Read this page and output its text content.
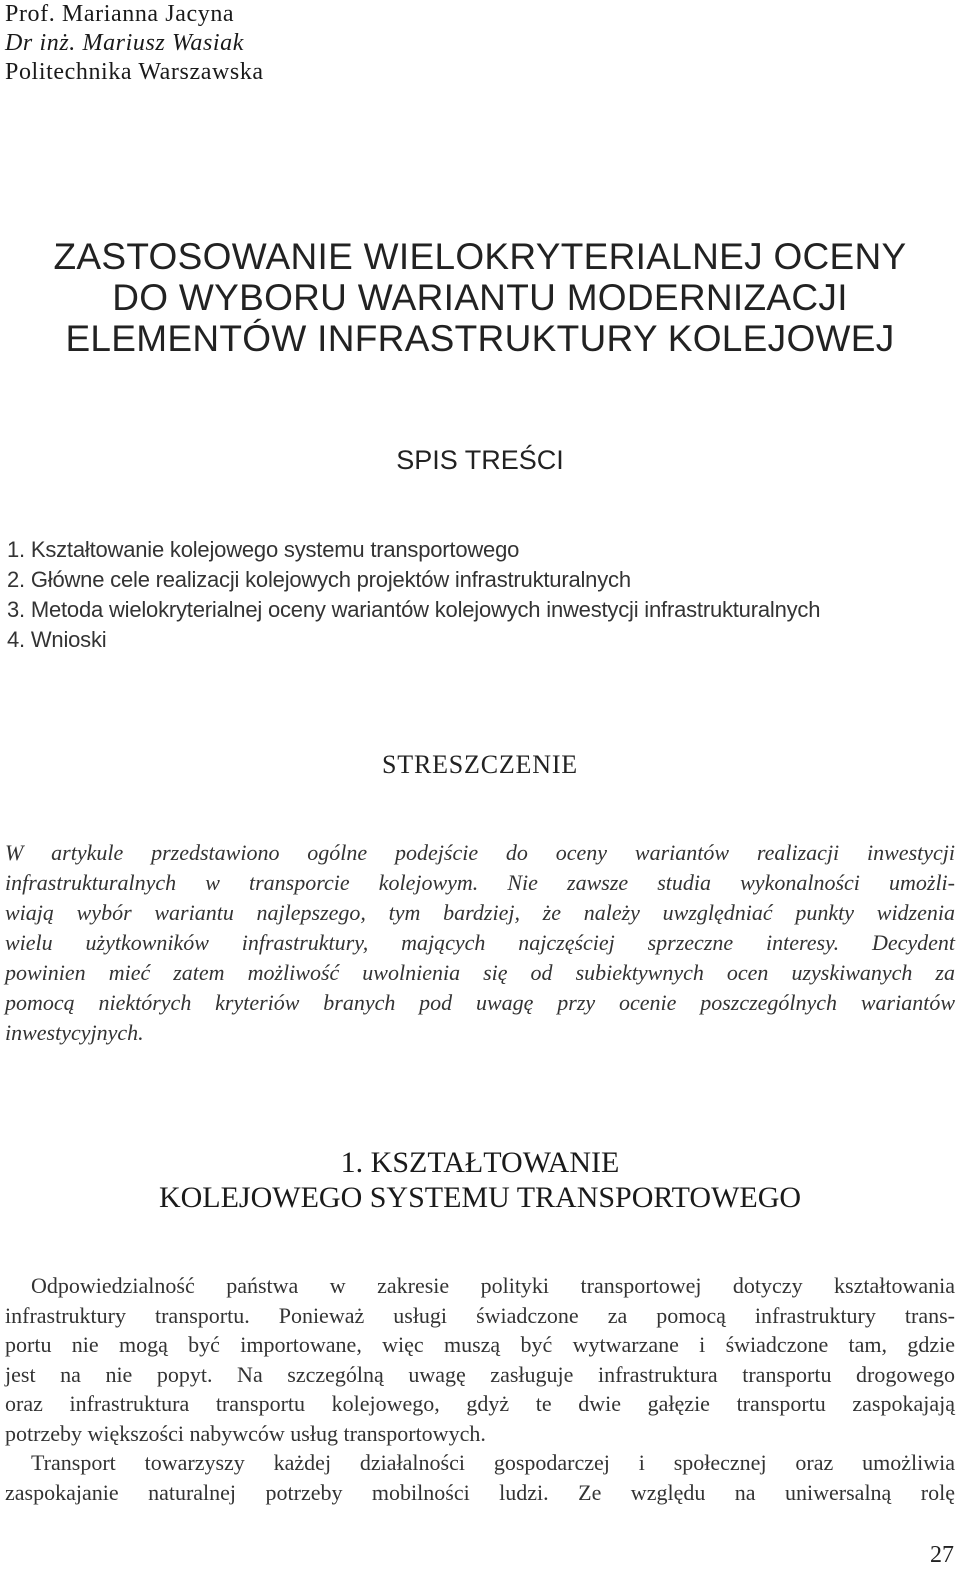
Prof. Marianna Jacyna
Dr inż. Mariusz Wasiak
Politechnika Warszawska
ZASTOSOWANIE WIELOKRYTERIALNEJ OCENY
DO WYBORU WARIANTU MODERNIZACJI
ELEMENTÓW INFRASTRUKTURY KOLEJOWEJ
SPIS TREŚCI
1. Kształtowanie kolejowego systemu transportowego
2. Główne cele realizacji kolejowych projektów infrastrukturalnych
3. Metoda wielokryterialnej oceny wariantów kolejowych inwestycji infrastrukturalnych
4. Wnioski
STRESZCZENIE
W artykule przedstawiono ogólne podejście do oceny wariantów realizacji inwestycji
infrastrukturalnych w transporcie kolejowym. Nie zawsze studia wykonalności umożli-
wiają wybór wariantu najlepszego, tym bardziej, że należy uwzględniać punkty widzenia
wielu użytkowników infrastruktury, mających najczęściej sprzeczne interesy. Decydent
powinien mieć zatem możliwość uwolnienia się od subiektywnych ocen uzyskiwanych za
pomocą niektórych kryteriów branych pod uwagę przy ocenie poszczególnych wariantów
inwestycyjnych.
1. KSZTAŁTOWANIE
KOLEJOWEGO SYSTEMU TRANSPORTOWEGO
Odpowiedzialność państwa w zakresie polityki transportowej dotyczy kształtowania
infrastruktury transportu. Ponieważ usługi świadczone za pomocą infrastruktury trans-
portu nie mogą być importowane, więc muszą być wytwarzane i świadczone tam, gdzie
jest na nie popyt. Na szczególną uwagę zasługuje infrastruktura transportu drogowego
oraz infrastruktura transportu kolejowego, gdyż te dwie gałęzie transportu zaspokajają
potrzeby większości nabywców usług transportowych.
Transport towarzyszy każdej działalności gospodarczej i społecznej oraz umożliwia
zaspokajanie naturalnej potrzeby mobilności ludzi. Ze względu na uniwersalną rolę
27
